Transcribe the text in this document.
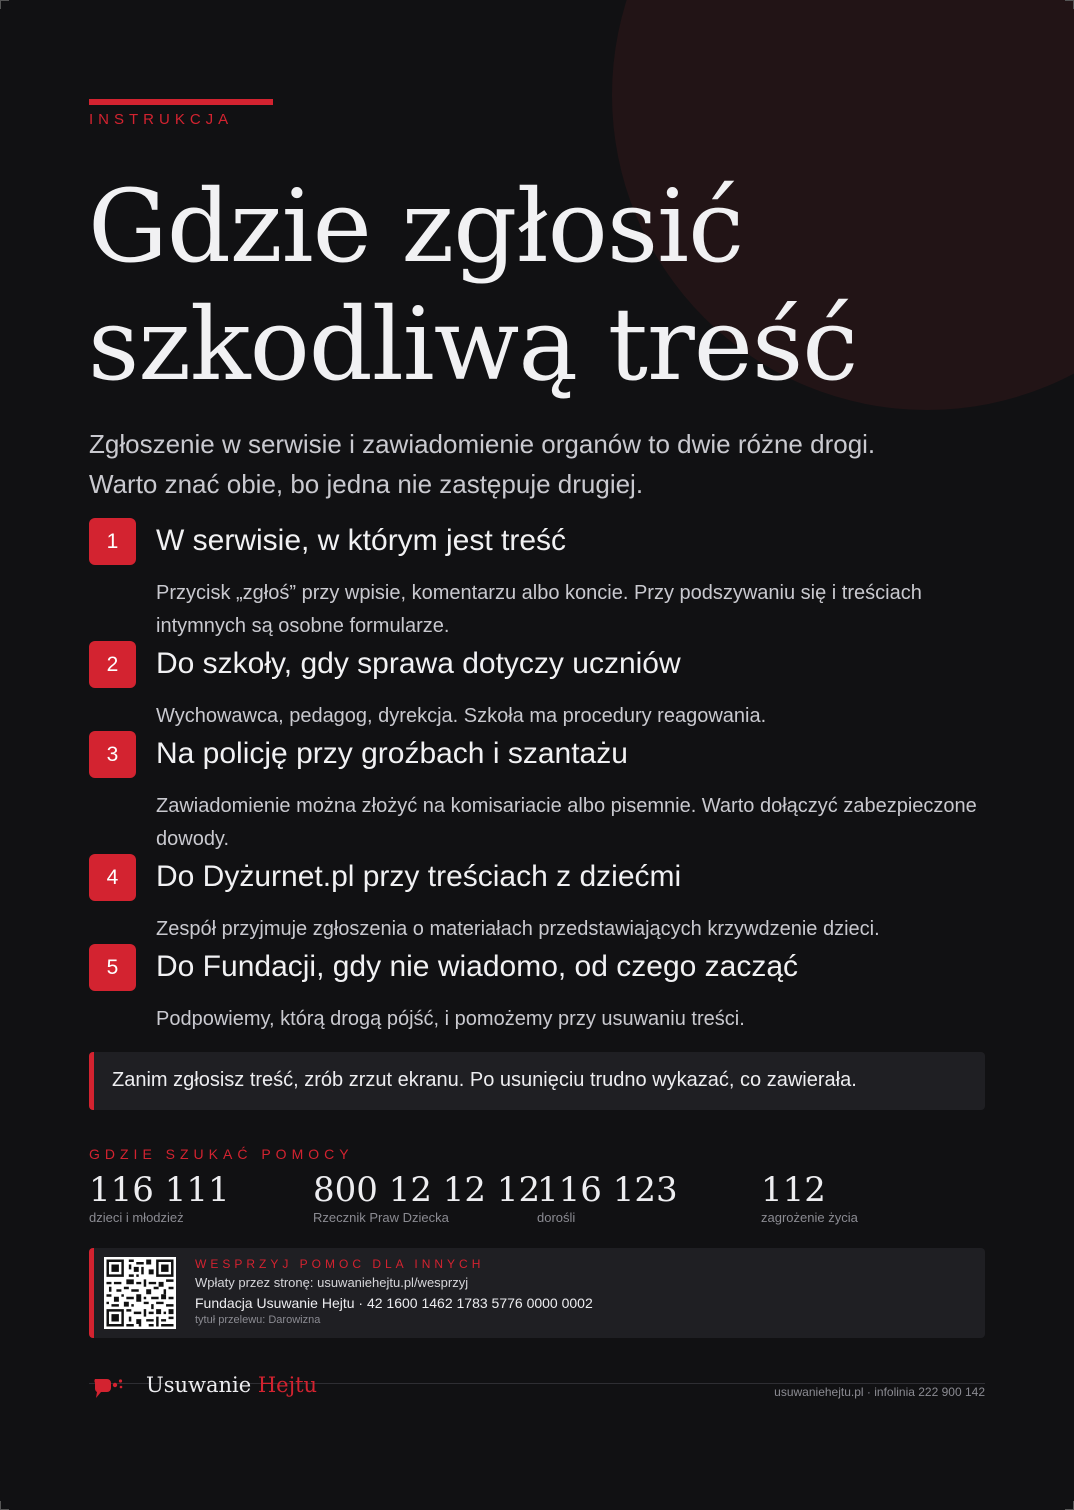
INSTRUKCJA
Gdzie zgłosić
szkodliwą treść
Zgłoszenie w serwisie i zawiadomienie organów to dwie różne drogi. Warto znać obie, bo jedna nie zastępuje drugiej.
1	W serwisie, w którym jest treść
Przycisk „zgłoś” przy wpisie, komentarzu albo koncie. Przy podszywaniu się i treściach intymnych są osobne formularze.
2	Do szkoły, gdy sprawa dotyczy uczniów
Wychowawca, pedagog, dyrekcja. Szkoła ma procedury reagowania.
3	Na policję przy groźbach i szantażu
Zawiadomienie można złożyć na komisariacie albo pisemnie. Warto dołączyć zabezpieczone dowody.
4	Do Dyżurnet.pl przy treściach z dziećmi
Zespół przyjmuje zgłoszenia o materiałach przedstawiających krzywdzenie dzieci.
5	Do Fundacji, gdy nie wiadomo, od czego zacząć
Podpowiemy, którą drogą pójść, i pomożemy przy usuwaniu treści.
Zanim zgłosisz treść, zrób zrzut ekranu. Po usunięciu trudno wykazać, co zawierała.
GDZIE SZUKAĆ POMOCY
116 111
dzieci i młodzież
800 12 12 12
Rzecznik Praw Dziecka
116 123
dorośli
112
zagrożenie życia
WESPRZYJ POMOC DLA INNYCH
Wpłaty przez stronę: usuwaniehejtu.pl/wesprzyj
Fundacja Usuwanie Hejtu · 42 1600 1462 1783 5776 0000 0002
tytuł przelewu: Darowizna
Usuwanie Hejtu	usuwaniehejtu.pl · infolinia 222 900 142
